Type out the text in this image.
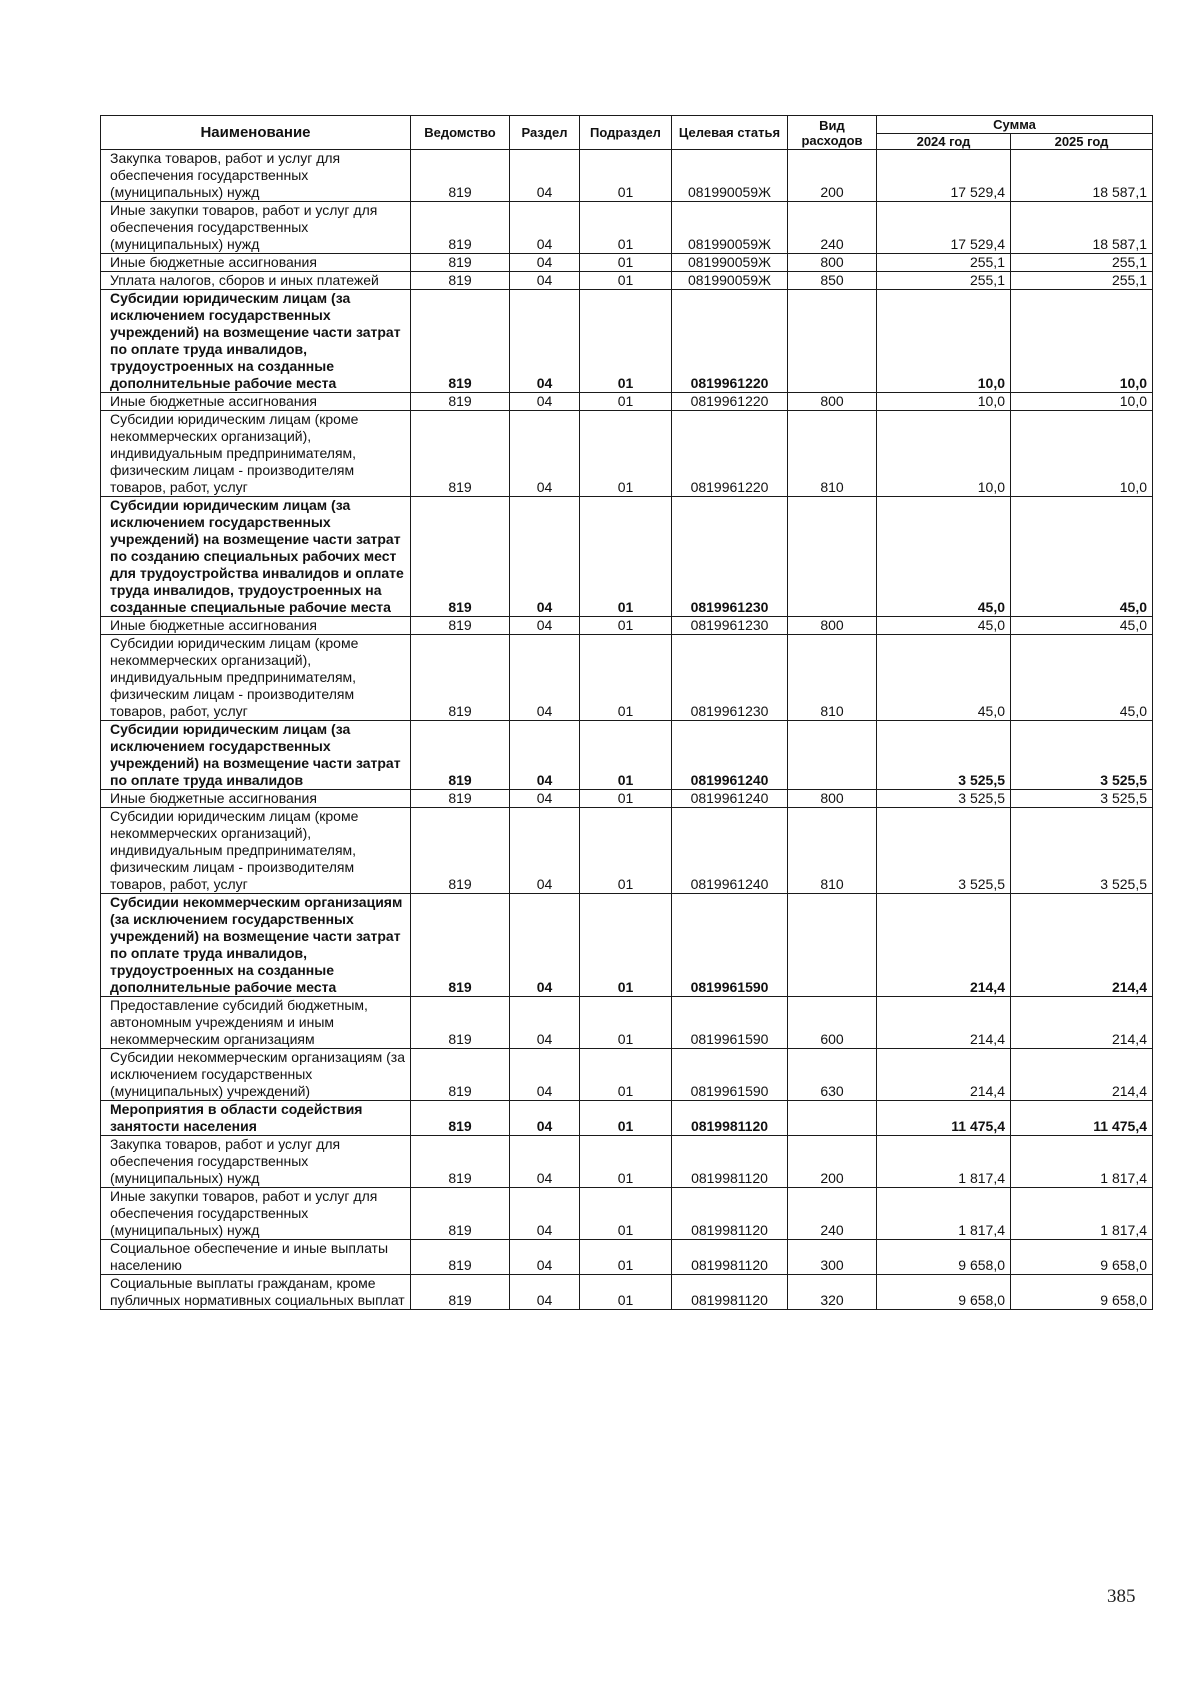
Наименование	Ведомство	Раздел	Подраздел	Целевая статья	Вид расходов	Сумма	
						2024 год	2025 год
Закупка товаров, работ и услуг для обеспечения государственных (муниципальных) нужд	819	04	01	081990059Ж	200	17 529,4	18 587,1
Иные закупки товаров, работ и услуг для обеспечения государственных (муниципальных) нужд	819	04	01	081990059Ж	240	17 529,4	18 587,1
Иные бюджетные ассигнования	819	04	01	081990059Ж	800	255,1	255,1
Уплата налогов, сборов и иных платежей	819	04	01	081990059Ж	850	255,1	255,1
Субсидии юридическим лицам (за исключением государственных учреждений) на возмещение части затрат по оплате труда инвалидов, трудоустроенных на созданные дополнительные рабочие места	819	04	01	0819961220		10,0	10,0
Иные бюджетные ассигнования	819	04	01	0819961220	800	10,0	10,0
Субсидии юридическим лицам (кроме некоммерческих организаций), индивидуальным предпринимателям, физическим лицам - производителям товаров, работ, услуг	819	04	01	0819961220	810	10,0	10,0
Субсидии юридическим лицам (за исключением государственных учреждений) на возмещение части затрат по созданию специальных рабочих мест для трудоустройства инвалидов и оплате труда инвалидов, трудоустроенных на созданные специальные рабочие места	819	04	01	0819961230		45,0	45,0
Иные бюджетные ассигнования	819	04	01	0819961230	800	45,0	45,0
Субсидии юридическим лицам (кроме некоммерческих организаций), индивидуальным предпринимателям, физическим лицам - производителям товаров, работ, услуг	819	04	01	0819961230	810	45,0	45,0
Субсидии юридическим лицам (за исключением государственных учреждений) на возмещение части затрат по оплате труда инвалидов	819	04	01	0819961240		3 525,5	3 525,5
Иные бюджетные ассигнования	819	04	01	0819961240	800	3 525,5	3 525,5
Субсидии юридическим лицам (кроме некоммерческих организаций), индивидуальным предпринимателям, физическим лицам - производителям товаров, работ, услуг	819	04	01	0819961240	810	3 525,5	3 525,5
Субсидии некоммерческим организациям (за исключением государственных учреждений) на возмещение части затрат по оплате труда инвалидов, трудоустроенных на созданные дополнительные рабочие места	819	04	01	0819961590		214,4	214,4
Предоставление субсидий бюджетным, автономным учреждениям и иным некоммерческим организациям	819	04	01	0819961590	600	214,4	214,4
Субсидии некоммерческим организациям (за исключением государственных (муниципальных) учреждений)	819	04	01	0819961590	630	214,4	214,4
Мероприятия в области содействия занятости населения	819	04	01	0819981120		11 475,4	11 475,4
Закупка товаров, работ и услуг для обеспечения государственных (муниципальных) нужд	819	04	01	0819981120	200	1 817,4	1 817,4
Иные закупки товаров, работ и услуг для обеспечения государственных (муниципальных) нужд	819	04	01	0819981120	240	1 817,4	1 817,4
Социальное обеспечение и иные выплаты населению	819	04	01	0819981120	300	9 658,0	9 658,0
Социальные выплаты гражданам, кроме публичных нормативных социальных выплат	819	04	01	0819981120	320	9 658,0	9 658,0
385
